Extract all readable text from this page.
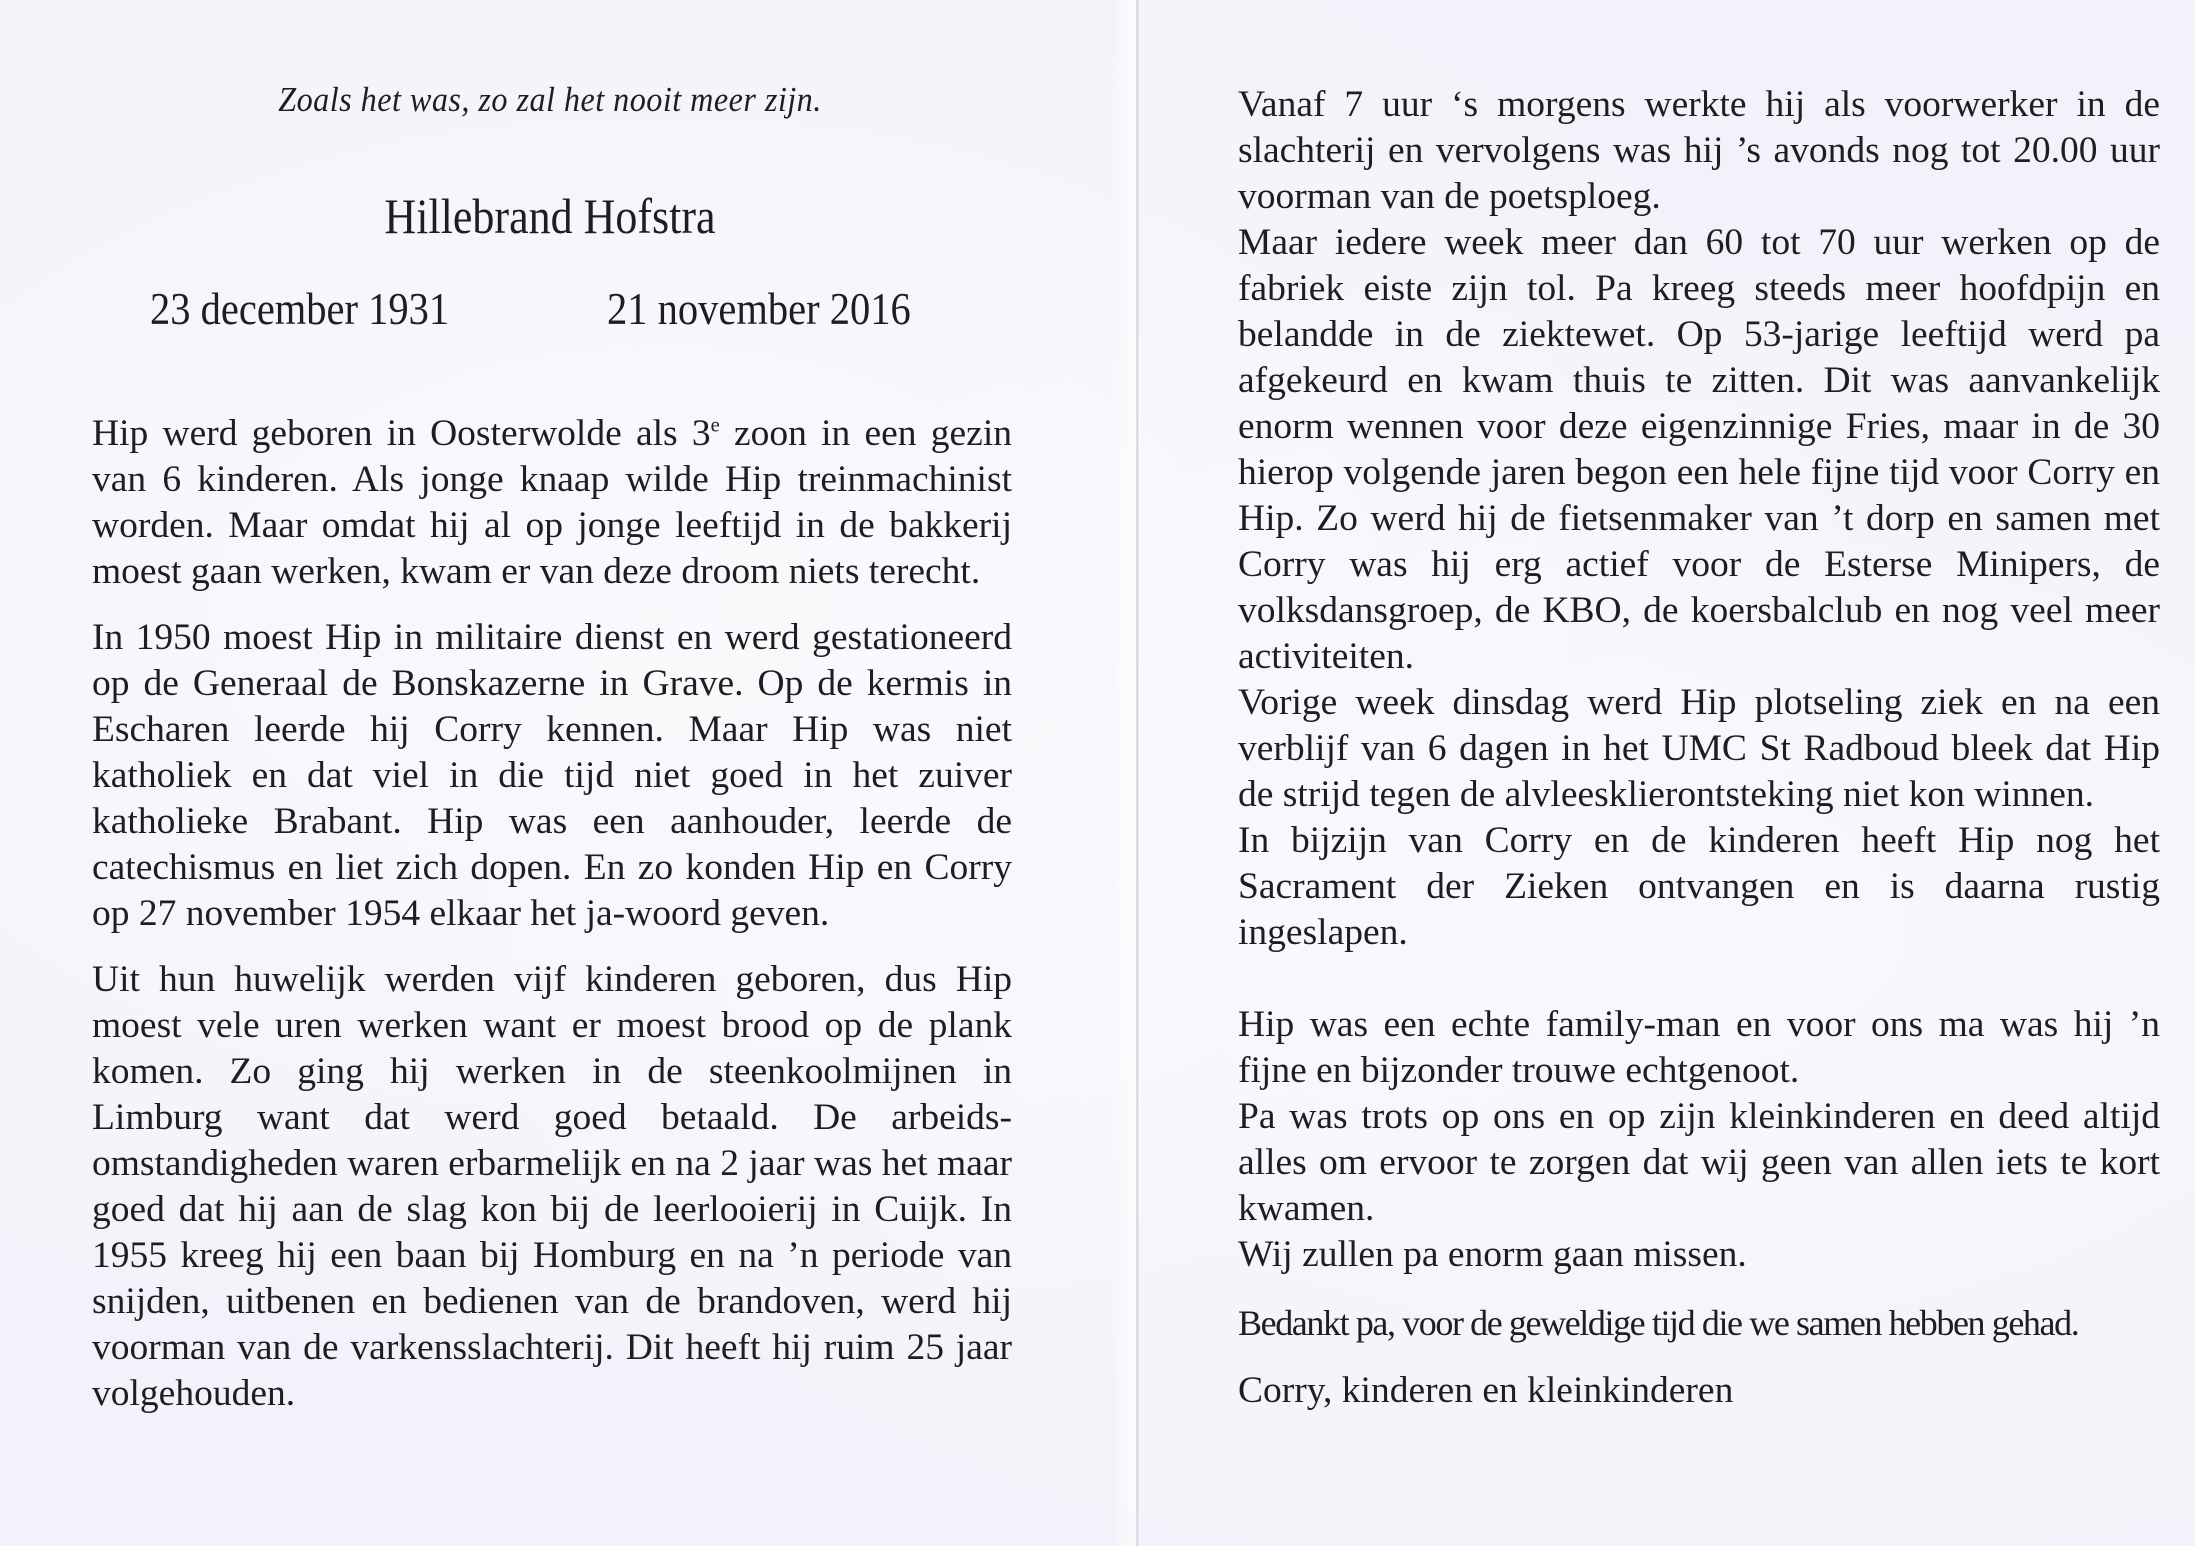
Zoals het was, zo zal het nooit meer zijn.
Hillebrand Hofstra
23 december 1931	21 november 2016

Hip werd geboren in Oosterwolde als 3e zoon in een gezin van 6 kinderen. Als jonge knaap wilde Hip treinmachinist worden. Maar omdat hij al op jonge leeftijd in de bakkerij moest gaan werken, kwam er van deze droom niets terecht.

In 1950 moest Hip in militaire dienst en werd gestationeerd op de Generaal de Bonskazerne in Grave. Op de kermis in Escharen leerde hij Corry kennen. Maar Hip was niet katholiek en dat viel in die tijd niet goed in het zuiver katholieke Brabant. Hip was een aanhouder, leerde de catechismus en liet zich dopen. En zo konden Hip en Corry op 27 november 1954 elkaar het ja-woord geven.

Uit hun huwelijk werden vijf kinderen geboren, dus Hip moest vele uren werken want er moest brood op de plank komen. Zo ging hij werken in de steenkoolmijnen in Limburg want dat werd goed betaald. De arbeids-omstandigheden waren erbarmelijk en na 2 jaar was het maar goed dat hij aan de slag kon bij de leerlooierij in Cuijk. In 1955 kreeg hij een baan bij Homburg en na ’n periode van snijden, uitbenen en bedienen van de brandoven, werd hij voorman van de varkensslachterij. Dit heeft hij ruim 25 jaar volgehouden.

Vanaf 7 uur ‘s morgens werkte hij als voorwerker in de slachterij en vervolgens was hij ’s avonds nog tot 20.00 uur voorman van de poetsploeg.

Maar iedere week meer dan 60 tot 70 uur werken op de fabriek eiste zijn tol. Pa kreeg steeds meer hoofdpijn en belandde in de ziektewet. Op 53-jarige leeftijd werd pa afgekeurd en kwam thuis te zitten. Dit was aanvankelijk enorm wennen voor deze eigenzinnige Fries, maar in de 30 hierop volgende jaren begon een hele fijne tijd voor Corry en Hip. Zo werd hij de fietsenmaker van ’t dorp en samen met Corry was hij erg actief voor de Esterse Minipers, de volksdansgroep, de KBO, de koersbalclub en nog veel meer activiteiten.

Vorige week dinsdag werd Hip plotseling ziek en na een verblijf van 6 dagen in het UMC St Radboud bleek dat Hip de strijd tegen de alvleesklierontsteking niet kon winnen.

In bijzijn van Corry en de kinderen heeft Hip nog het Sacrament der Zieken ontvangen en is daarna rustig ingeslapen.

Hip was een echte family-man en voor ons ma was hij ’n fijne en bijzonder trouwe echtgenoot.

Pa was trots op ons en op zijn kleinkinderen en deed altijd alles om ervoor te zorgen dat wij geen van allen iets te kort kwamen.

Wij zullen pa enorm gaan missen.

Bedankt pa, voor de geweldige tijd die we samen hebben gehad.

Corry, kinderen en kleinkinderen
